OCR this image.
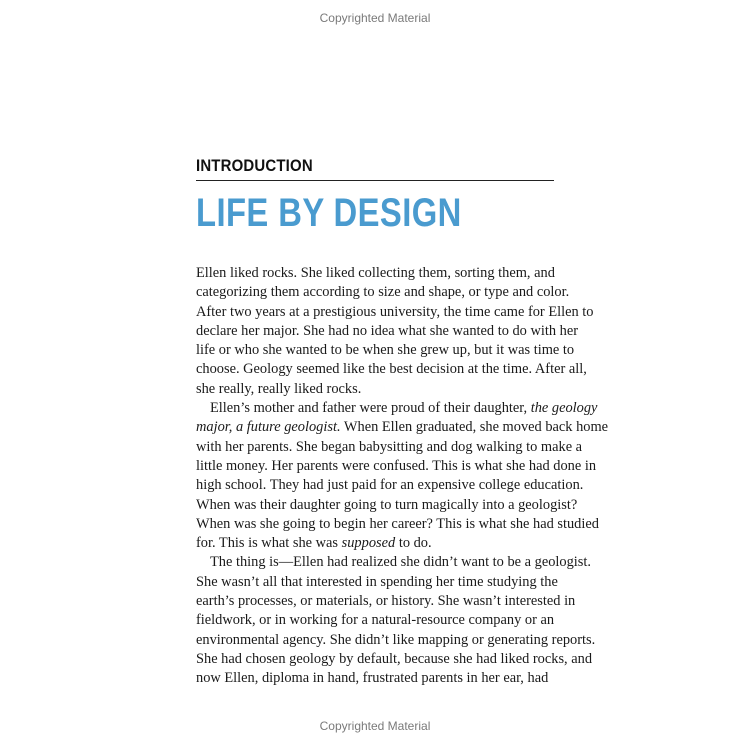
Copyrighted Material
INTRODUCTION
LIFE BY DESIGN
Ellen liked rocks. She liked collecting them, sorting them, and
categorizing them according to size and shape, or type and color.
After two years at a prestigious university, the time came for Ellen to
declare her major. She had no idea what she wanted to do with her
life or who she wanted to be when she grew up, but it was time to
choose. Geology seemed like the best decision at the time. After all,
she really, really liked rocks.
Ellen’s mother and father were proud of their daughter, the geology
major, a future geologist. When Ellen graduated, she moved back home
with her parents. She began babysitting and dog walking to make a
little money. Her parents were confused. This is what she had done in
high school. They had just paid for an expensive college education.
When was their daughter going to turn magically into a geologist?
When was she going to begin her career? This is what she had studied
for. This is what she was supposed to do.
The thing is—Ellen had realized she didn’t want to be a geologist.
She wasn’t all that interested in spending her time studying the
earth’s processes, or materials, or history. She wasn’t interested in
fieldwork, or in working for a natural-resource company or an
environmental agency. She didn’t like mapping or generating reports.
She had chosen geology by default, because she had liked rocks, and
now Ellen, diploma in hand, frustrated parents in her ear, had
Copyrighted Material
